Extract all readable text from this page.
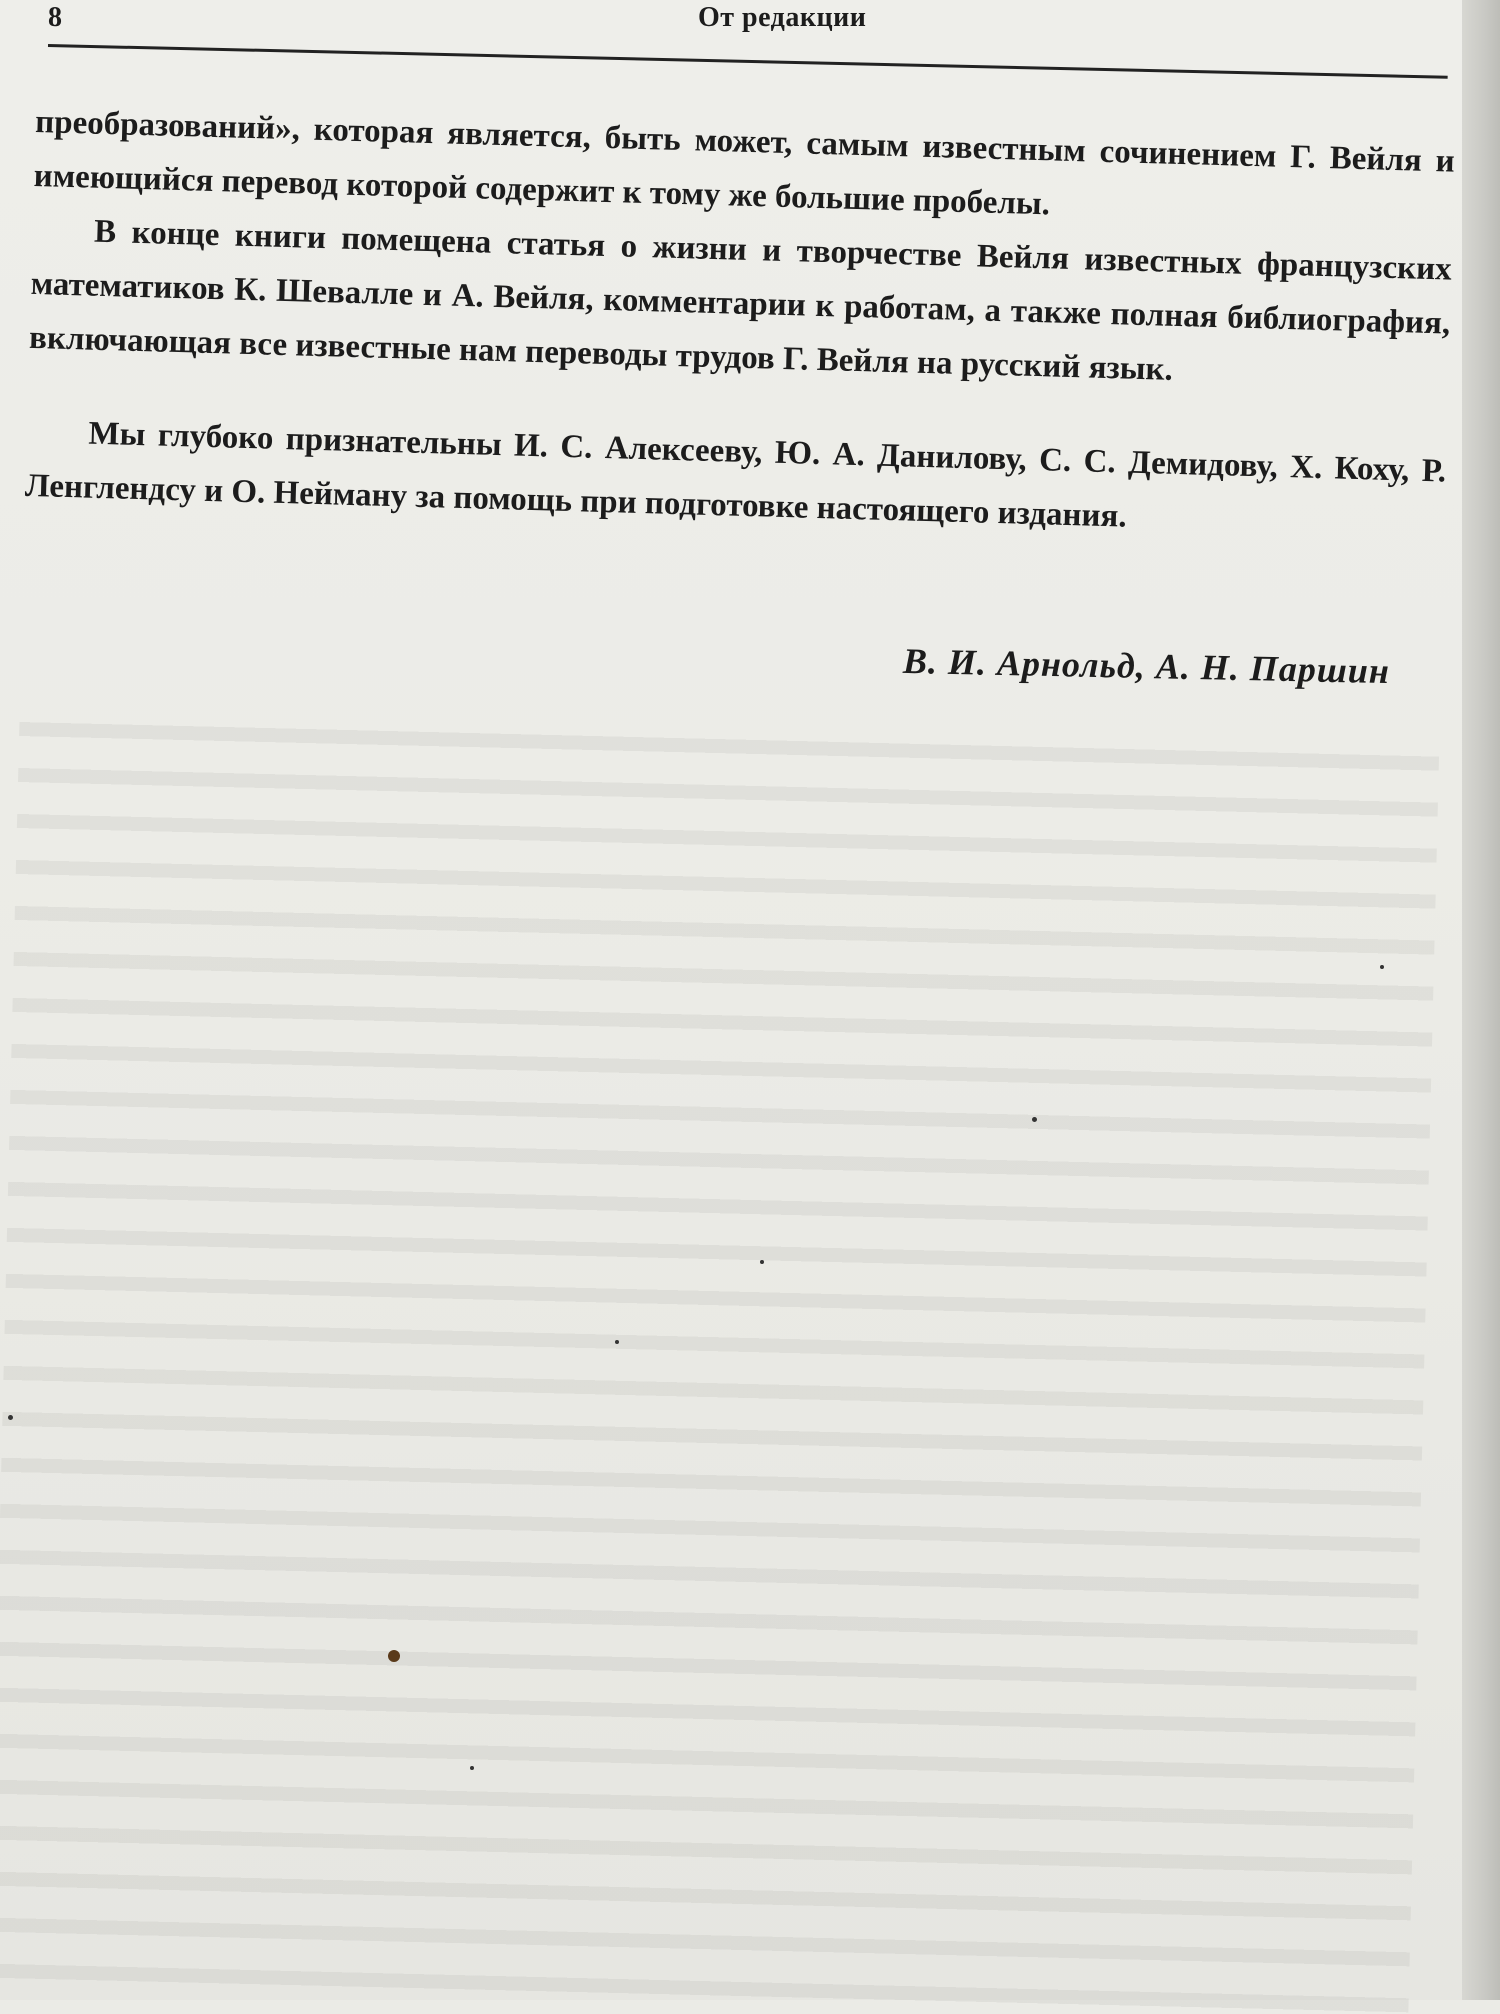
8	От редакции

преобразований», которая является, быть может, самым известным сочинением Г. Вейля и имеющийся перевод которой содержит к тому же большие пробелы.

В конце книги помещена статья о жизни и творчестве Вейля известных французских математиков К. Шевалле и А. Вейля, комментарии к работам, а также полная библиография, включающая все известные нам переводы трудов Г. Вейля на русский язык.

Мы глубоко признательны И. С. Алексееву, Ю. А. Данилову, С. С. Демидову, Х. Коху, Р. Ленглендсу и О. Нейману за помощь при подготовке настоящего издания.

В. И. Арнольд, А. Н. Паршин
